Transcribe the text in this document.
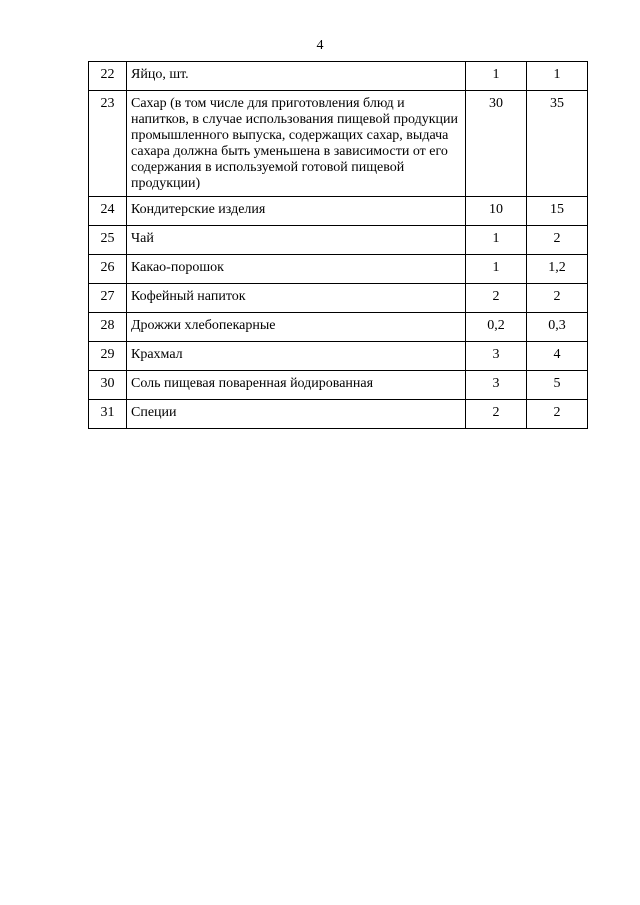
4
22	Яйцо, шт.	1	1
23	Сахар (в том числе для приготовления блюд и напитков, в случае использования пищевой продукции промышленного выпуска, содержащих сахар, выдача сахара должна быть уменьшена в зависимости от его содержания в используемой готовой пищевой продукции)	30	35
24	Кондитерские изделия	10	15
25	Чай	1	2
26	Какао-порошок	1	1,2
27	Кофейный напиток	2	2
28	Дрожжи хлебопекарные	0,2	0,3
29	Крахмал	3	4
30	Соль пищевая поваренная йодированная	3	5
31	Специи	2	2
